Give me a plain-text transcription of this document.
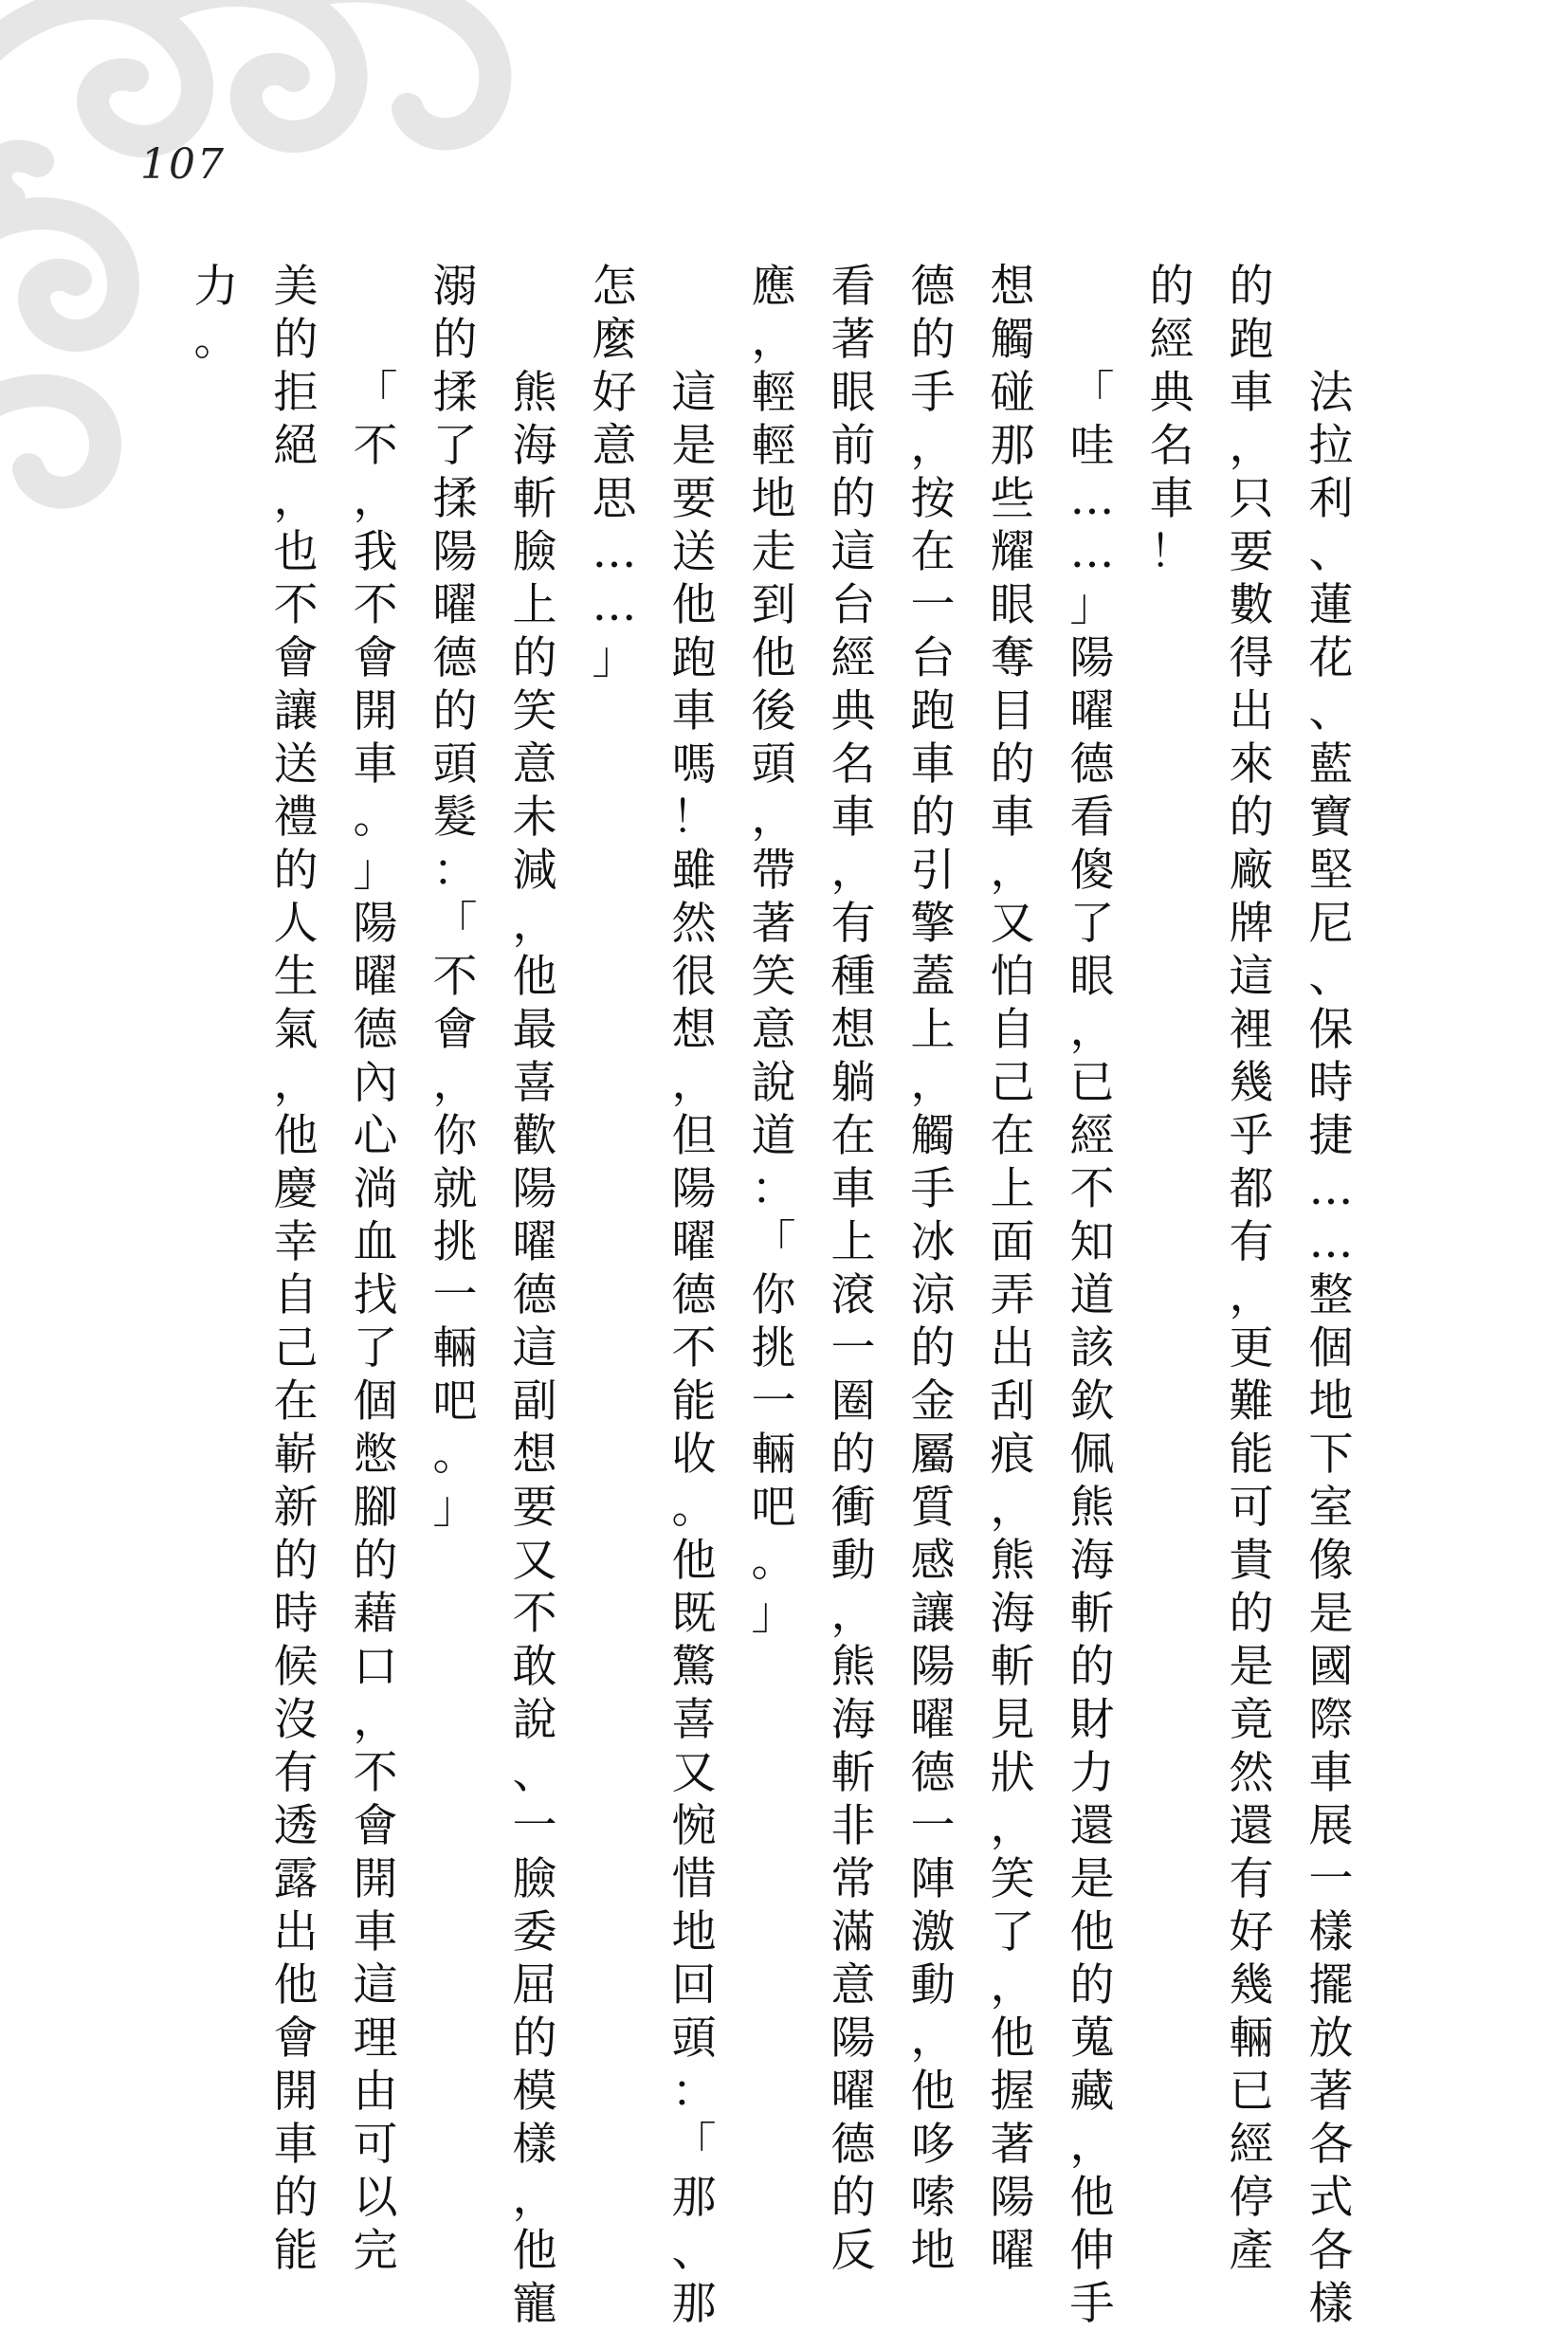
107
法
拉
利
、
蓮
花
、
藍
寶
堅
尼
、
保
時
捷
…
…
整
個
地
下
室
像
是
國
際
車
展
一
樣
擺
放
著
各
式
各
樣
的
跑
車
，
只
要
數
得
出
來
的
廠
牌
這
裡
幾
乎
都
有
，
更
難
能
可
貴
的
是
竟
然
還
有
好
幾
輛
已
經
停
產
的
經
典
名
車
！
「
哇
…
…
」
陽
曜
德
看
傻
了
眼
，
已
經
不
知
道
該
欽
佩
熊
海
斬
的
財
力
還
是
他
的
蒐
藏
，
他
伸
手
想
觸
碰
那
些
耀
眼
奪
目
的
車
，
又
怕
自
己
在
上
面
弄
出
刮
痕
，
熊
海
斬
見
狀
，
笑
了
，
他
握
著
陽
曜
德
的
手
，
按
在
一
台
跑
車
的
引
擎
蓋
上
，
觸
手
冰
涼
的
金
屬
質
感
讓
陽
曜
德
一
陣
激
動
，
他
哆
嗦
地
看
著
眼
前
的
這
台
經
典
名
車
，
有
種
想
躺
在
車
上
滾
一
圈
的
衝
動
，
熊
海
斬
非
常
滿
意
陽
曜
德
的
反
應
，
輕
輕
地
走
到
他
後
頭
，
帶
著
笑
意
說
道
：
「
你
挑
一
輛
吧
。
」
這
是
要
送
他
跑
車
嗎
！
雖
然
很
想
，
但
陽
曜
德
不
能
收
。
他
既
驚
喜
又
惋
惜
地
回
頭
：
「
那
、
那
怎
麼
好
意
思
…
…
」
熊
海
斬
臉
上
的
笑
意
未
減
，
他
最
喜
歡
陽
曜
德
這
副
想
要
又
不
敢
說
、
一
臉
委
屈
的
模
樣
，
他
寵
溺
的
揉
了
揉
陽
曜
德
的
頭
髮
：
「
不
會
，
你
就
挑
一
輛
吧
。
」
「
不
，
我
不
會
開
車
。
」
陽
曜
德
內
心
淌
血
找
了
個
憋
腳
的
藉
口
，
不
會
開
車
這
理
由
可
以
完
美
的
拒
絕
，
也
不
會
讓
送
禮
的
人
生
氣
，
他
慶
幸
自
己
在
嶄
新
的
時
候
沒
有
透
露
出
他
會
開
車
的
能
力
。
